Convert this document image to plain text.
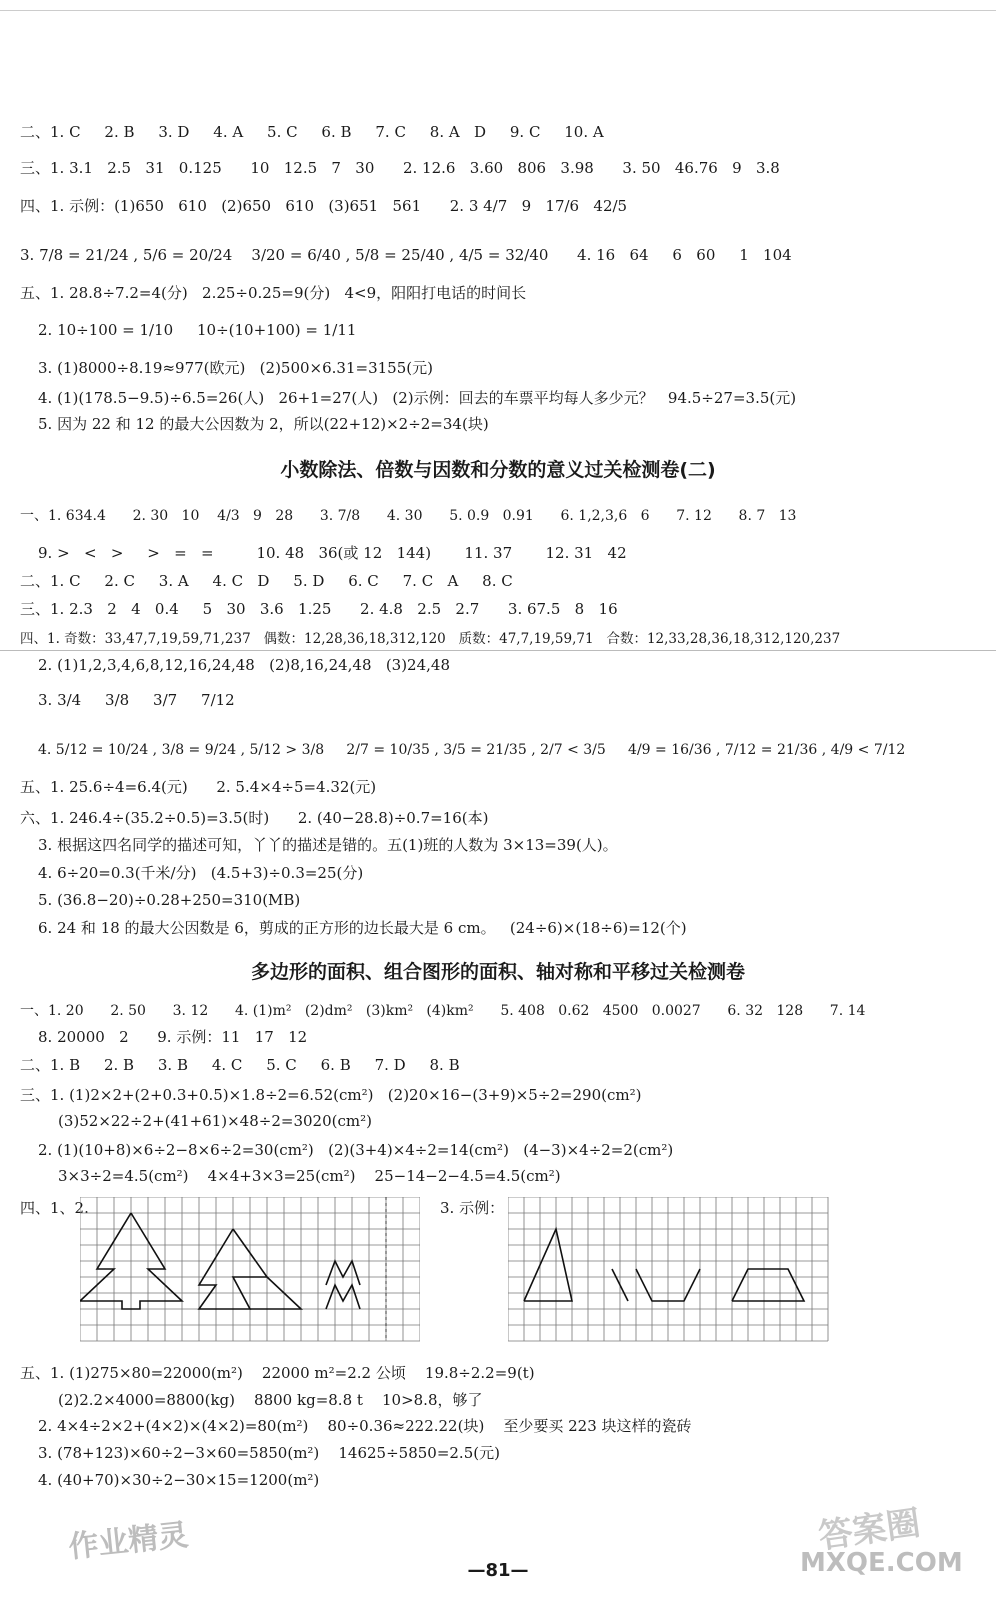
二、1. C     2. B     3. D     4. A     5. C     6. B     7. C     8. A   D     9. C     10. A
三、1. 3.1   2.5   31   0.125      10   12.5   7   30      2. 12.6   3.60   806   3.98      3. 50   46.76   9   3.8
四、1. 示例：(1)650   610   (2)650   610   (3)651   561      2. 3 4/7   9   17/6   42/5
3. 7/8 = 21/24 , 5/6 = 20/24    3/20 = 6/40 , 5/8 = 25/40 , 4/5 = 32/40      4. 16   64     6   60     1   104
五、1. 28.8÷7.2=4(分)   2.25÷0.25=9(分)   4<9，阳阳打电话的时间长
2. 10÷100 = 1/10     10÷(10+100) = 1/11
3. (1)8000÷8.19≈977(欧元)   (2)500×6.31=3155(元)
4. (1)(178.5−9.5)÷6.5=26(人)   26+1=27(人)   (2)示例：回去的车票平均每人多少元？   94.5÷27=3.5(元)
5. 因为 22 和 12 的最大公因数为 2，所以(22+12)×2÷2=34(块)
小数除法、倍数与因数和分数的意义过关检测卷(二)
一、1. 634.4      2. 30   10    4/3   9   28      3. 7/8      4. 30      5. 0.9   0.91      6. 1,2,3,6   6      7. 12      8. 7   13
9. >   <   >     >   =   =         10. 48   36(或 12   144)       11. 37       12. 31   42
二、1. C     2. C     3. A     4. C   D     5. D     6. C     7. C   A     8. C
三、1. 2.3   2   4   0.4     5   30   3.6   1.25      2. 4.8   2.5   2.7      3. 67.5   8   16
四、1. 奇数：33,47,7,19,59,71,237   偶数：12,28,36,18,312,120   质数：47,7,19,59,71   合数：12,33,28,36,18,312,120,237
2. (1)1,2,3,4,6,8,12,16,24,48   (2)8,16,24,48   (3)24,48
3. 3/4     3/8     3/7     7/12
4. 5/12 = 10/24 , 3/8 = 9/24 , 5/12 > 3/8     2/7 = 10/35 , 3/5 = 21/35 , 2/7 < 3/5     4/9 = 16/36 , 7/12 = 21/36 , 4/9 < 7/12
五、1. 25.6÷4=6.4(元)      2. 5.4×4÷5=4.32(元)
六、1. 246.4÷(35.2÷0.5)=3.5(时)      2. (40−28.8)÷0.7=16(本)
3. 根据这四名同学的描述可知，丫丫的描述是错的。五(1)班的人数为 3×13=39(人)。
4. 6÷20=0.3(千米/分)   (4.5+3)÷0.3=25(分)
5. (36.8−20)÷0.28+250=310(MB)
6. 24 和 18 的最大公因数是 6，剪成的正方形的边长最大是 6 cm。   (24÷6)×(18÷6)=12(个)
多边形的面积、组合图形的面积、轴对称和平移过关检测卷
一、1. 20      2. 50      3. 12      4. (1)m²   (2)dm²   (3)km²   (4)km²      5. 408   0.62   4500   0.0027      6. 32   128      7. 14
8. 20000   2      9. 示例：11   17   12
二、1. B     2. B     3. B     4. C     5. C     6. B     7. D     8. B
三、1. (1)2×2+(2+0.3+0.5)×1.8÷2=6.52(cm²)   (2)20×16−(3+9)×5÷2=290(cm²)
(3)52×22÷2+(41+61)×48÷2=3020(cm²)
2. (1)(10+8)×6÷2−8×6÷2=30(cm²)   (2)(3+4)×4÷2=14(cm²)   (4−3)×4÷2=2(cm²)
3×3÷2=4.5(cm²)    4×4+3×3=25(cm²)    25−14−2−4.5=4.5(cm²)
四、1、2.	3. 示例：
五、1. (1)275×80=22000(m²)    22000 m²=2.2 公顷    19.8÷2.2=9(t)
(2)2.2×4000=8800(kg)    8800 kg=8.8 t    10>8.8，够了
2. 4×4÷2×2+(4×2)×(4×2)=80(m²)    80÷0.36≈222.22(块)    至少要买 223 块这样的瓷砖
3. (78+123)×60÷2−3×60=5850(m²)    14625÷5850=2.5(元)
4. (40+70)×30÷2−30×15=1200(m²)
作业精灵
—81—
答案圈
MXQE.COM
